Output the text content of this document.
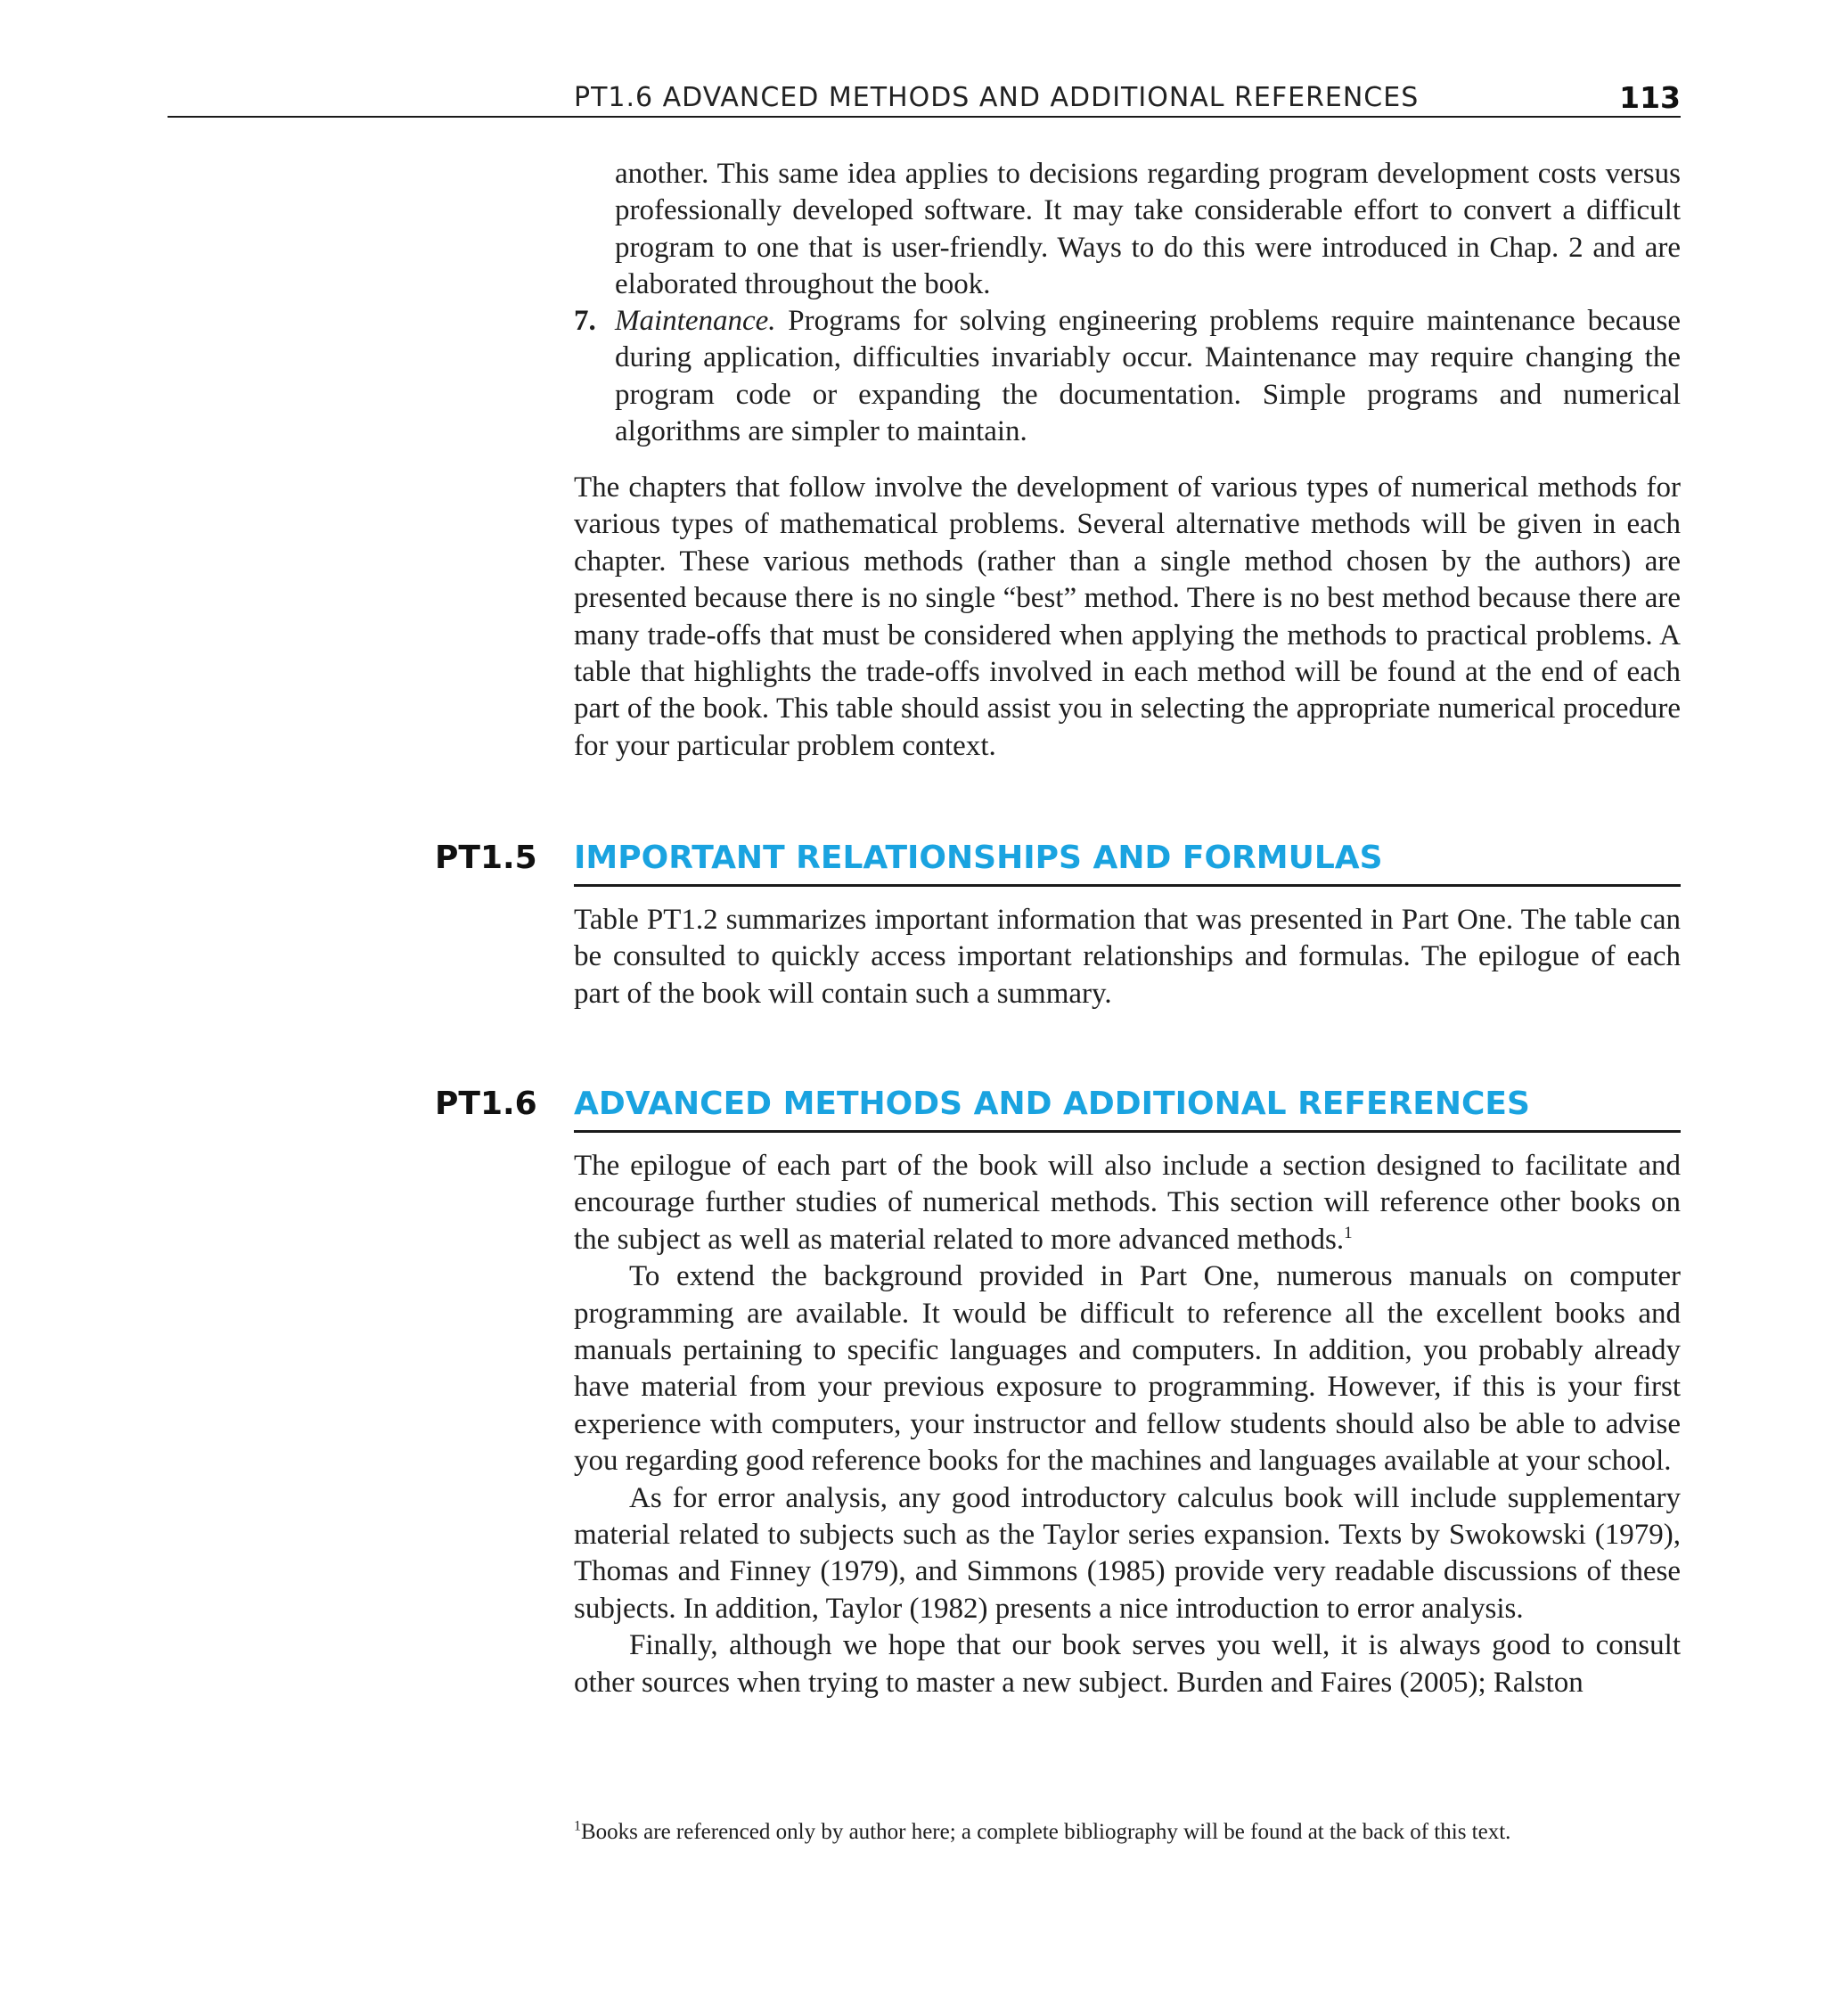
PT1.6 ADVANCED METHODS AND ADDITIONAL REFERENCES	113
another. This same idea applies to decisions regarding program development costs versus professionally developed software. It may take considerable effort to convert a difficult program to one that is user-friendly. Ways to do this were introduced in Chap. 2 and are elaborated throughout the book.
7. Maintenance. Programs for solving engineering problems require maintenance because during application, difficulties invariably occur. Maintenance may require changing the program code or expanding the documentation. Simple programs and numerical algorithms are simpler to maintain.

The chapters that follow involve the development of various types of numerical methods for various types of mathematical problems. Several alternative methods will be given in each chapter. These various methods (rather than a single method chosen by the authors) are presented because there is no single “best” method. There is no best method because there are many trade-offs that must be considered when applying the methods to practical problems. A table that highlights the trade-offs involved in each method will be found at the end of each part of the book. This table should assist you in selecting the appropriate numerical procedure for your particular problem context.

PT1.5 IMPORTANT RELATIONSHIPS AND FORMULAS

Table PT1.2 summarizes important information that was presented in Part One. The table can be consulted to quickly access important relationships and formulas. The epilogue of each part of the book will contain such a summary.

PT1.6 ADVANCED METHODS AND ADDITIONAL REFERENCES

The epilogue of each part of the book will also include a section designed to facilitate and encourage further studies of numerical methods. This section will reference other books on the subject as well as material related to more advanced methods.$^1$

To extend the background provided in Part One, numerous manuals on computer programming are available. It would be difficult to reference all the excellent books and manuals pertaining to specific languages and computers. In addition, you probably already have material from your previous exposure to programming. However, if this is your first experience with computers, your instructor and fellow students should also be able to advise you regarding good reference books for the machines and languages available at your school.

As for error analysis, any good introductory calculus book will include supplementary material related to subjects such as the Taylor series expansion. Texts by Swokowski (1979), Thomas and Finney (1979), and Simmons (1985) provide very readable discussions of these subjects. In addition, Taylor (1982) presents a nice introduction to error analysis.

Finally, although we hope that our book serves you well, it is always good to consult other sources when trying to master a new subject. Burden and Faires (2005); Ralston

$^1$Books are referenced only by author here; a complete bibliography will be found at the back of this text.
